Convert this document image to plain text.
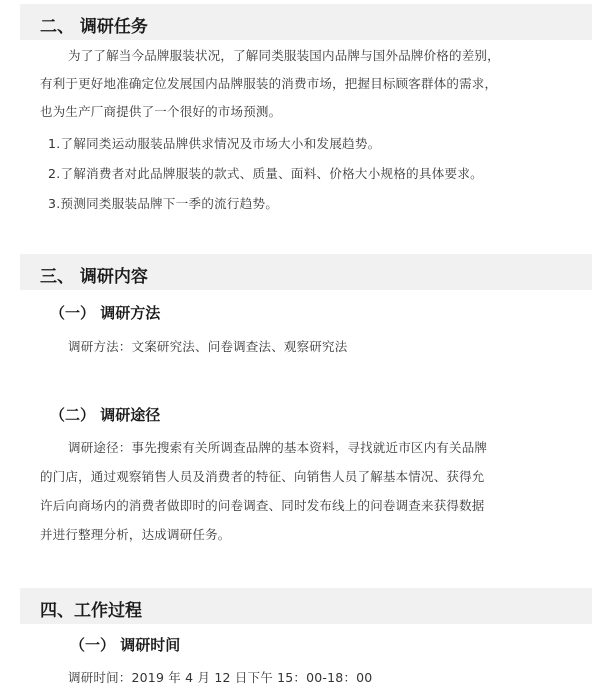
二、 调研任务
为了了解当今品牌服装状况，了解同类服装国内品牌与国外品牌价格的差别，
有利于更好地准确定位发展国内品牌服装的消费市场，把握目标顾客群体的需求，
也为生产厂商提供了一个很好的市场预测。
1.了解同类运动服装品牌供求情况及市场大小和发展趋势。
2.了解消费者对此品牌服装的款式、质量、面料、价格大小规格的具体要求。
3.预测同类服装品牌下一季的流行趋势。
三、 调研内容
（一） 调研方法
调研方法：文案研究法、问卷调查法、观察研究法
（二） 调研途径
调研途径：事先搜索有关所调查品牌的基本资料，寻找就近市区内有关品牌
的门店，通过观察销售人员及消费者的特征、向销售人员了解基本情况、获得允
许后向商场内的消费者做即时的问卷调查、同时发布线上的问卷调查来获得数据
并进行整理分析，达成调研任务。
四、工作过程
（一） 调研时间
调研时间：2019 年 4 月 12 日下午 15：00-18：00
